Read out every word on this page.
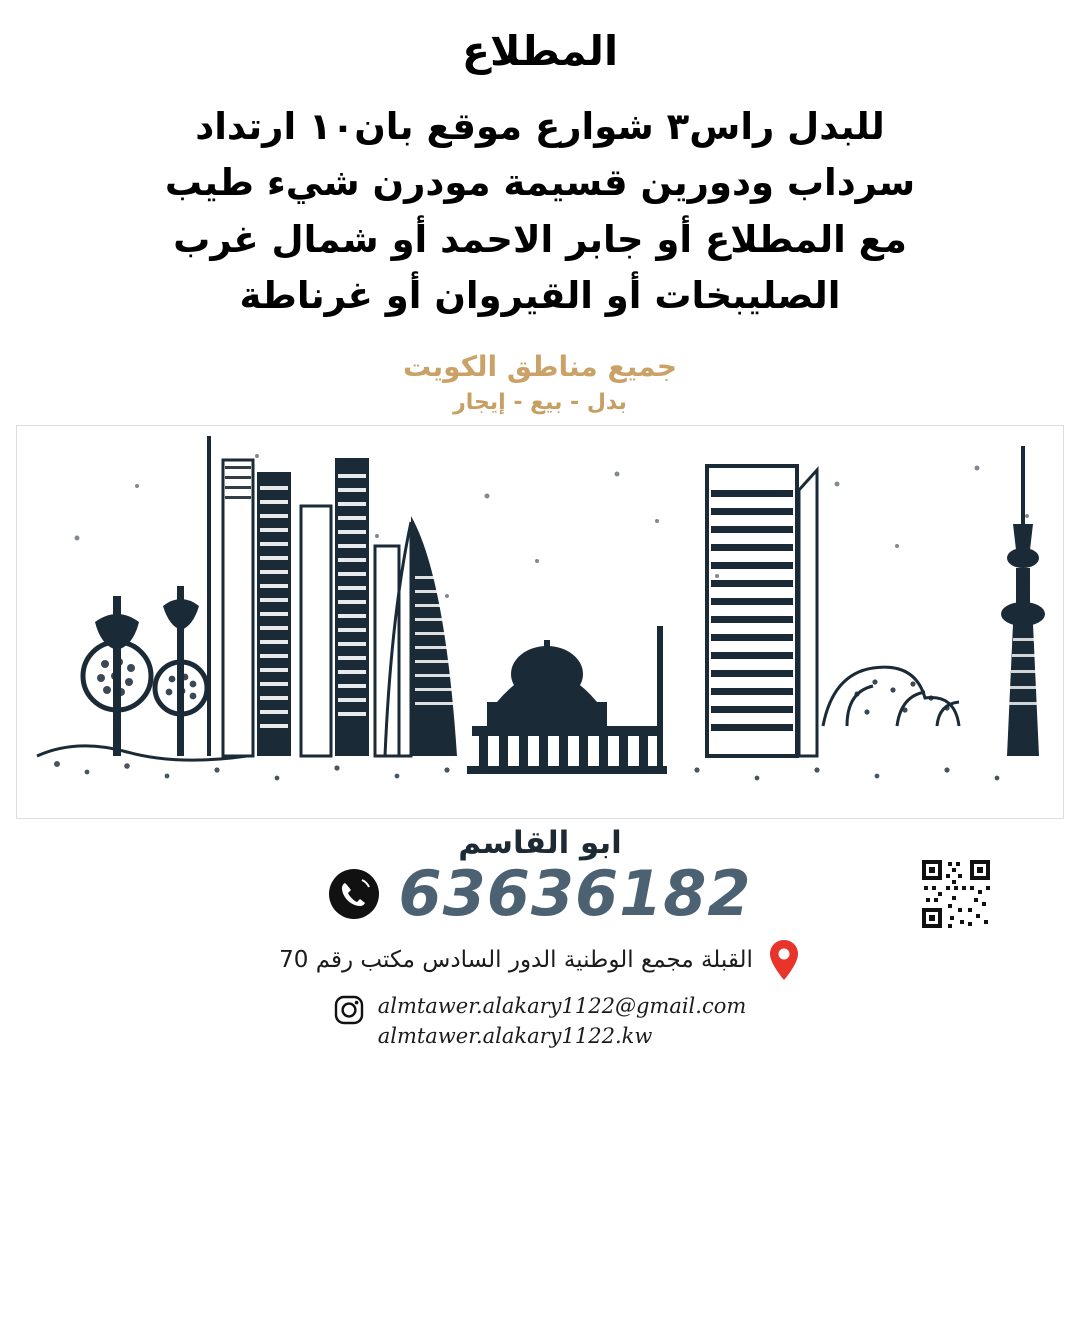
المطلاع
للبدل راس٣ شوارع موقع بان١٠ ارتداد
سرداب ودورين قسيمة مودرن شيء طيب
مع المطلاع أو جابر الاحمد أو شمال غرب
الصليبخات أو القيروان أو غرناطة
جميع مناطق الكويت
بدل - بيع - إيجار
ابو القاسم
63636182
القبلة مجمع الوطنية الدور السادس مكتب رقم 70
almtawer.alakary1122@gmail.com
almtawer.alakary1122.kw
